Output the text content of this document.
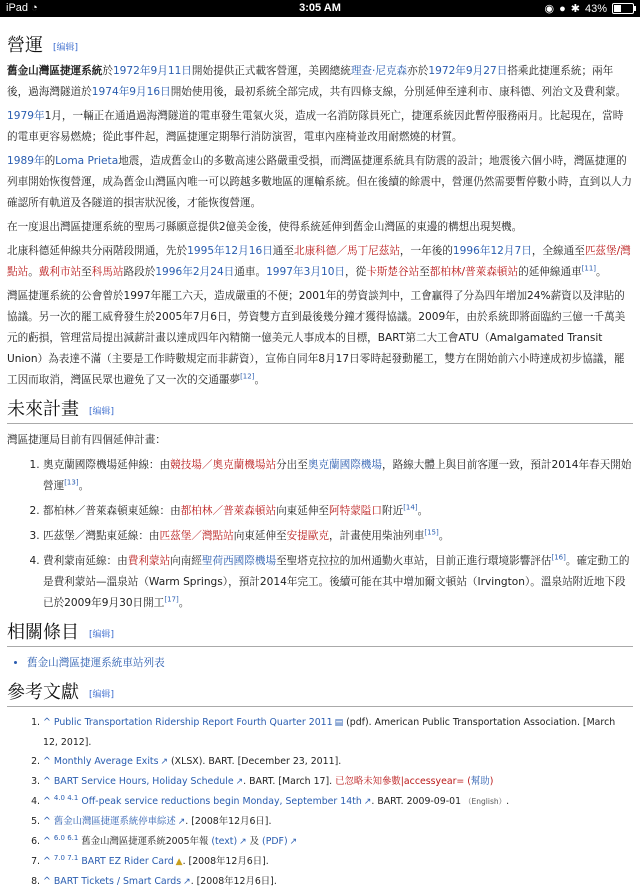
iPad ◔	3:05 AM	◉ ● ✱ 43%
營運 [编辑]

舊金山灣區捷運系統於1972年9月11日開始提供正式載客營運，美國總統理查·尼克森亦於1972年9月27日搭乘此捷運系統；兩年後，過海灣隧道於1974年9月16日開始使用後，最初系統全部完成，共有四條支線，分別延伸至達利市、康科德、列治文及費利蒙。

1979年1月，一輛正在通過過海灣隧道的電車發生電氣火災，造成一名消防隊員死亡，捷運系統因此暫停服務兩月。比起現在，當時的電車更容易燃燒；從此事件起，灣區捷運定期舉行消防演習，電車內座椅並改用耐燃燒的材質。

1989年的Loma Prieta地震，造成舊金山的多數高速公路嚴重受損，而灣區捷運系統具有防震的設計；地震後六個小時，灣區捷運的列車開始恢復營運，成為舊金山灣區內唯一可以跨越多數地區的運輸系統。但在後續的餘震中，營運仍然需要暫停數小時，直到以人力確認所有軌道及各隧道的損害狀況後，才能恢復營運。

在一度退出灣區捷運系統的聖馬刁縣願意提供2億美金後，使得系統延伸到舊金山灣區的東邊的構想出現契機。

北康科德延伸線共分兩階段開通，先於1995年12月16日通至北康科德／馬丁尼茲站，一年後的1996年12月7日，全線通至匹茲堡/灣點站。戴利市站至科馬站路段於1996年2月24日通車。1997年3月10日，從卡斯楚谷站至都柏林/普萊森頓站的延伸線通車[11]。

灣區捷運系統的公會曾於1997年罷工六天，造成嚴重的不便；2001年的勞資談判中，工會贏得了分為四年增加24%薪資以及津貼的協議。另一次的罷工威脅發生於2005年7月6日，勞資雙方直到最後幾分鐘才獲得協議。2009年，由於系統即將面臨約三億一千萬美元的虧損，管理當局提出減薪計畫以達成四年內精簡一億美元人事成本的目標，BART第二大工會ATU（Amalgamated Transit Union）為表達不滿（主要是工作時數規定而非薪資），宣佈自同年8月17日零時起發動罷工，雙方在開始前六小時達成初步協議，罷工因而取消，灣區民眾也避免了又一次的交通噩夢[12]。

未來計畫 [编辑]

灣區捷運局目前有四個延伸計畫：

1. 奧克蘭國際機場延伸線：由競技場／奧克蘭機場站分出至奧克蘭國際機場，路線大體上與目前客運一致，預計2014年春天開始營運[13]。
2. 都柏林／普萊森頓東延線：由都柏林／普萊森頓站向東延伸至阿特蒙隘口附近[14]。
3. 匹茲堡／灣點東延線：由匹茲堡／灣點站向東延伸至安提歐克，計畫使用柴油列車[15]。
4. 費利蒙南延線：由費利蒙站向南經聖荷西國際機場至聖塔克拉拉的加州通勤火車站，目前正進行環境影響評估[16]。確定動工的是費利蒙站—溫泉站（Warm Springs），預計2014年完工。後續可能在其中增加爾文頓站（Irvington）。溫泉站附近地下段已於2009年9月30日開工[17]。
相關條目 [编辑]
• 舊金山灣區捷運系統車站列表
參考文獻 [编辑]
1. ^ Public Transportation Ridership Report Fourth Quarter 2011 ▤ (pdf). American Public Transportation Association. [March 12, 2012].
2. ^ Monthly Average Exits ↗ (XLSX). BART. [December 23, 2011].
3. ^ BART Service Hours, Holiday Schedule ↗. BART. [March 17]. 已忽略未知參數|accessyear= (幫助)
4. ^ $^{4.0 4.1}$ Off-peak service reductions begin Monday, September 14th ↗. BART. 2009-09-01 （English）.
5. ^ 舊金山灣區捷運系統停車綜述 ↗. [2008年12月6日].
6. ^ $^{6.0 6.1}$ 舊金山灣區捷運系統2005年報 (text) ↗ 及 (PDF) ↗
7. ^ $^{7.0 7.1}$ BART EZ Rider Card ▲. [2008年12月6日].
8. ^ BART Tickets / Smart Cards ↗. [2008年12月6日].
